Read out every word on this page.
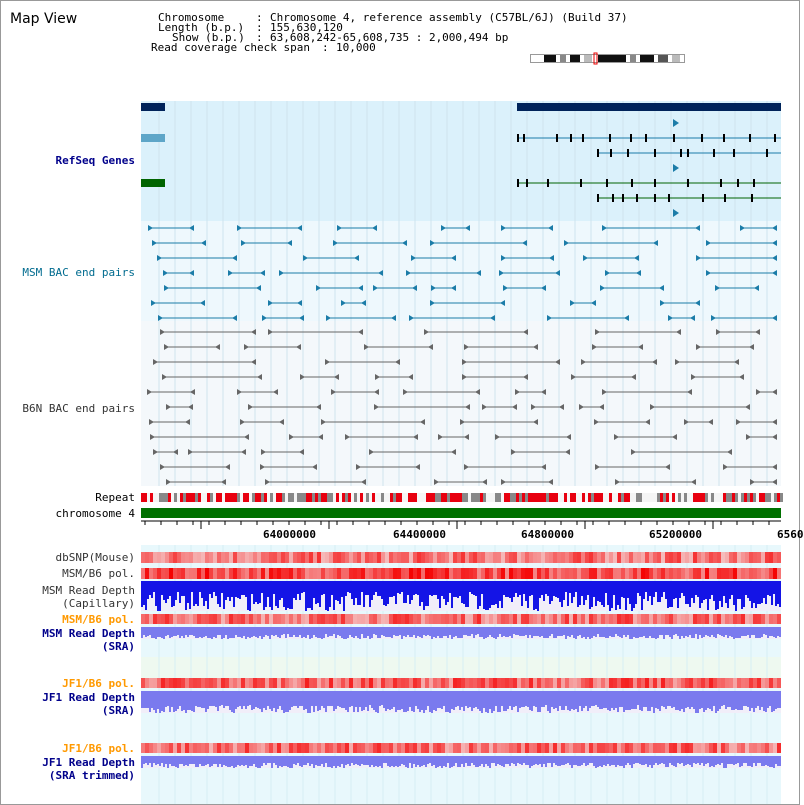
Map View	Chromosome	: Chromosome 4, reference assembly (C57BL/6J) (Build 37)
Length (b.p.) : 155,630,120
Show (b.p.) : 63,608,242-65,608,735 : 2,000,494 bp
Read coverage check span : 10,000
RefSeq Genes
MSM BAC end pairs
B6N BAC end pairs
Repeat
chromosome 4
dbSNP(Mouse)
MSM/B6 pol.
MSM Read Depth
(Capillary)
MSM/B6 pol.
MSM Read Depth
(SRA)
JF1/B6 pol.
JF1 Read Depth
(SRA)
JF1/B6 pol.
JF1 Read Depth
(SRA trimmed)
64000000	64400000	64800000	65200000	6560
